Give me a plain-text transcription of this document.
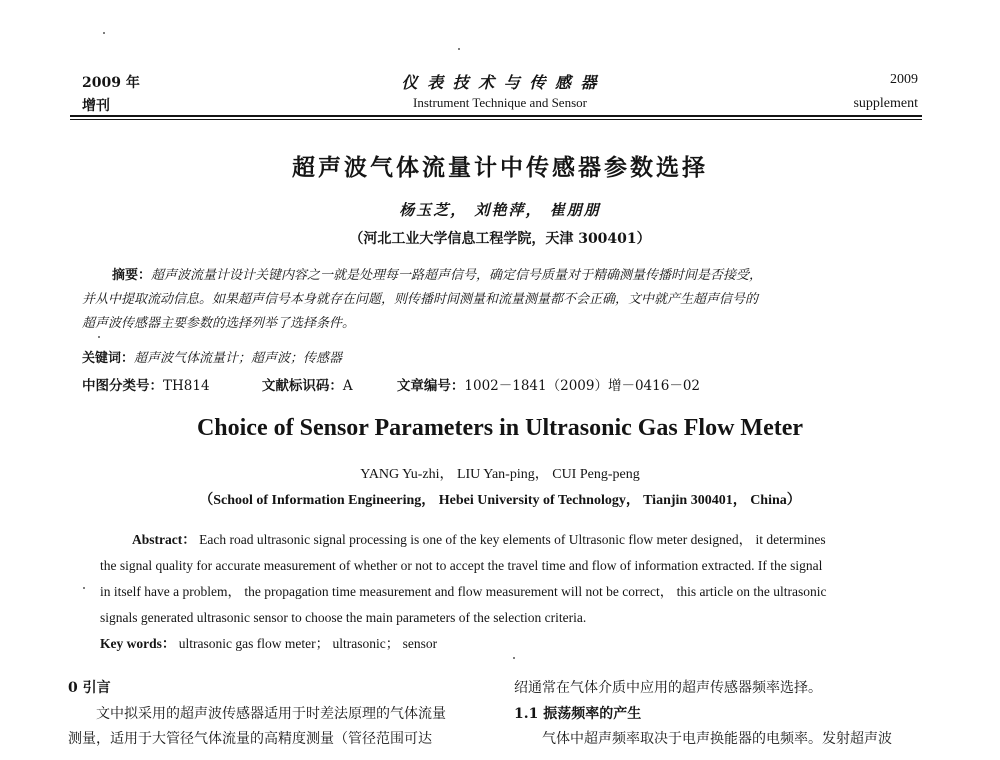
2009 年
增刊
仪 表 技 术 与 传 感 器
Instrument Technique and Sensor
2009
supplement
超声波气体流量计中传感器参数选择
杨玉芝， 刘艳萍， 崔朋朋
（河北工业大学信息工程学院，天津 300401）
摘要：超声波流量计设计关键内容之一就是处理每一路超声信号，确定信号质量对于精确测量传播时间是否接受，
并从中提取流动信息。如果超声信号本身就存在问题，则传播时间测量和流量测量都不会正确，文中就产生超声信号的
超声波传感器主要参数的选择列举了选择条件。
关键词：超声波气体流量计；超声波；传感器
中图分类号：TH814	文献标识码：A	文章编号：1002－1841（2009）增－0416－02
Choice of Sensor Parameters in Ultrasonic Gas Flow Meter
YANG Yu-zhi， LIU Yan-ping， CUI Peng-peng
（School of Information Engineering， Hebei University of Technology， Tianjin 300401， China）
Abstract： Each road ultrasonic signal processing is one of the key elements of Ultrasonic flow meter designed， it determines
the signal quality for accurate measurement of whether or not to accept the travel time and flow of information extracted. If the signal
in itself have a problem， the propagation time measurement and flow measurement will not be correct， this article on the ultrasonic
signals generated ultrasonic sensor to choose the main parameters of the selection criteria.
Key words： ultrasonic gas flow meter； ultrasonic； sensor
0 引言
文中拟采用的超声波传感器适用于时差法原理的气体流量
测量，适用于大管径气体流量的高精度测量（管径范围可达
绍通常在气体介质中应用的超声传感器频率选择。
1.1 振荡频率的产生
气体中超声频率取决于电声换能器的电频率。发射超声波
